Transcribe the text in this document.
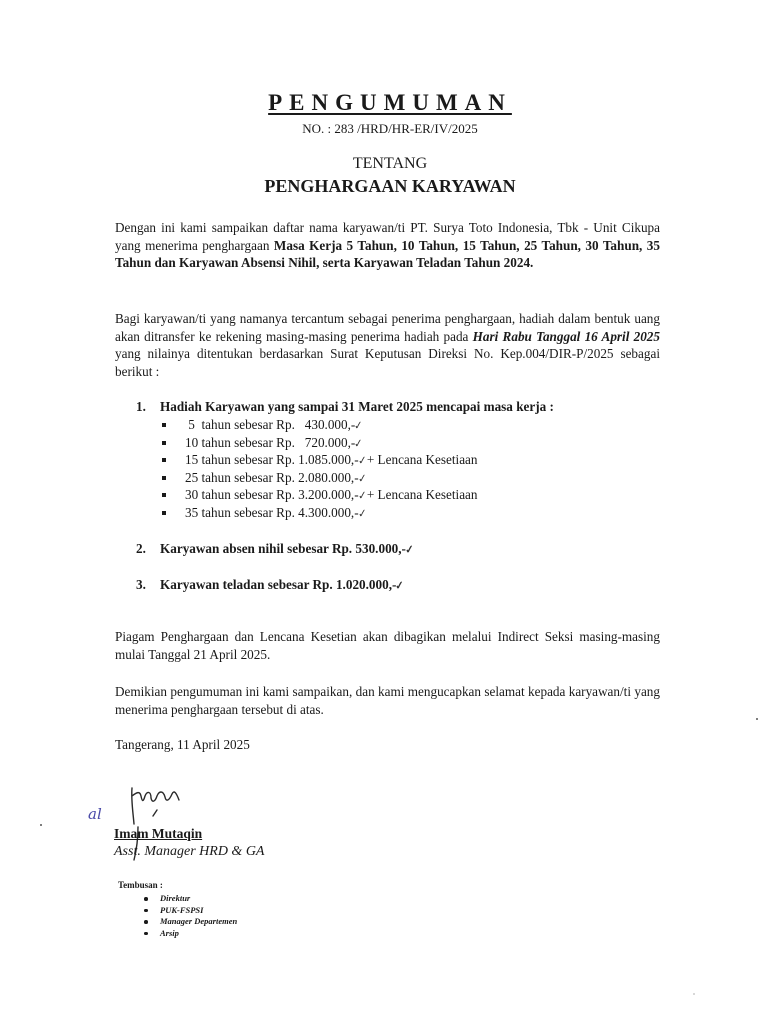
PENGUMUMAN
NO. : 283 /HRD/HR-ER/IV/2025
TENTANG
PENGHARGAAN KARYAWAN
Dengan ini kami sampaikan daftar nama karyawan/ti PT. Surya Toto Indonesia, Tbk - Unit Cikupa yang menerima penghargaan Masa Kerja 5 Tahun, 10 Tahun, 15 Tahun, 25 Tahun, 30 Tahun, 35 Tahun dan Karyawan Absensi Nihil, serta Karyawan Teladan Tahun 2024.
Bagi karyawan/ti yang namanya tercantum sebagai penerima penghargaan, hadiah dalam bentuk uang akan ditransfer ke rekening masing-masing penerima hadiah pada Hari Rabu Tanggal 16 April 2025 yang nilainya ditentukan berdasarkan Surat Keputusan Direksi No. Kep.004/DIR-P/2025 sebagai berikut :
1. Hadiah Karyawan yang sampai 31 Maret 2025 mencapai masa kerja :
5  tahun sebesar Rp.   430.000,-✓
10 tahun sebesar Rp.   720.000,-✓
15 tahun sebesar Rp. 1.085.000,-✓+ Lencana Kesetiaan
25 tahun sebesar Rp. 2.080.000,-✓
30 tahun sebesar Rp. 3.200.000,-✓+ Lencana Kesetiaan
35 tahun sebesar Rp. 4.300.000,-✓
2. Karyawan absen nihil sebesar Rp. 530.000,-✓
3. Karyawan teladan sebesar Rp. 1.020.000,-✓
Piagam Penghargaan dan Lencana Kesetian akan dibagikan melalui Indirect Seksi masing-masing mulai Tanggal 21 April 2025.
Demikian pengumuman ini kami sampaikan, dan kami mengucapkan selamat kepada karyawan/ti yang menerima penghargaan tersebut di atas.
Tangerang, 11 April 2025
al
Imam Mutaqin
Asst. Manager HRD & GA
Tembusan :
Direktur
PUK-FSPSI
Manager Departemen
Arsip
